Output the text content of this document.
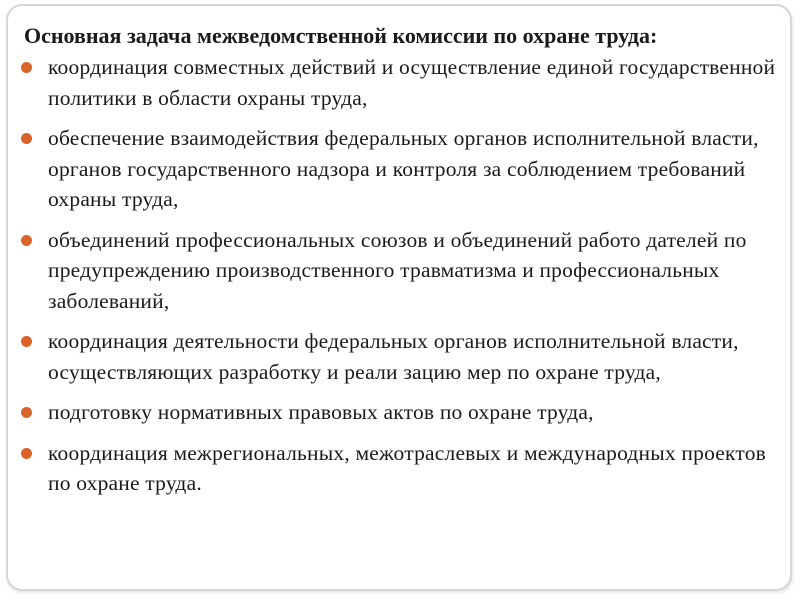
Основная задача межведомственной комиссии по охране труда:
координация совместных действий и осуществление единой государственной политики в области охраны труда,
обеспечение взаимодействия федеральных органов исполнительной власти, органов государственного надзора и контроля за соблюдением требований охраны труда,
объединений профессиональных союзов и объединений работо дателей по предупреждению производственного травматизма и профессиональных заболеваний,
координация деятельности федеральных органов исполнительной власти, осуществляющих разработку и реали зацию мер по охране труда,
подготовку нормативных правовых актов по охране труда,
координация межрегиональных, межотраслевых и международных проектов по охране труда.
